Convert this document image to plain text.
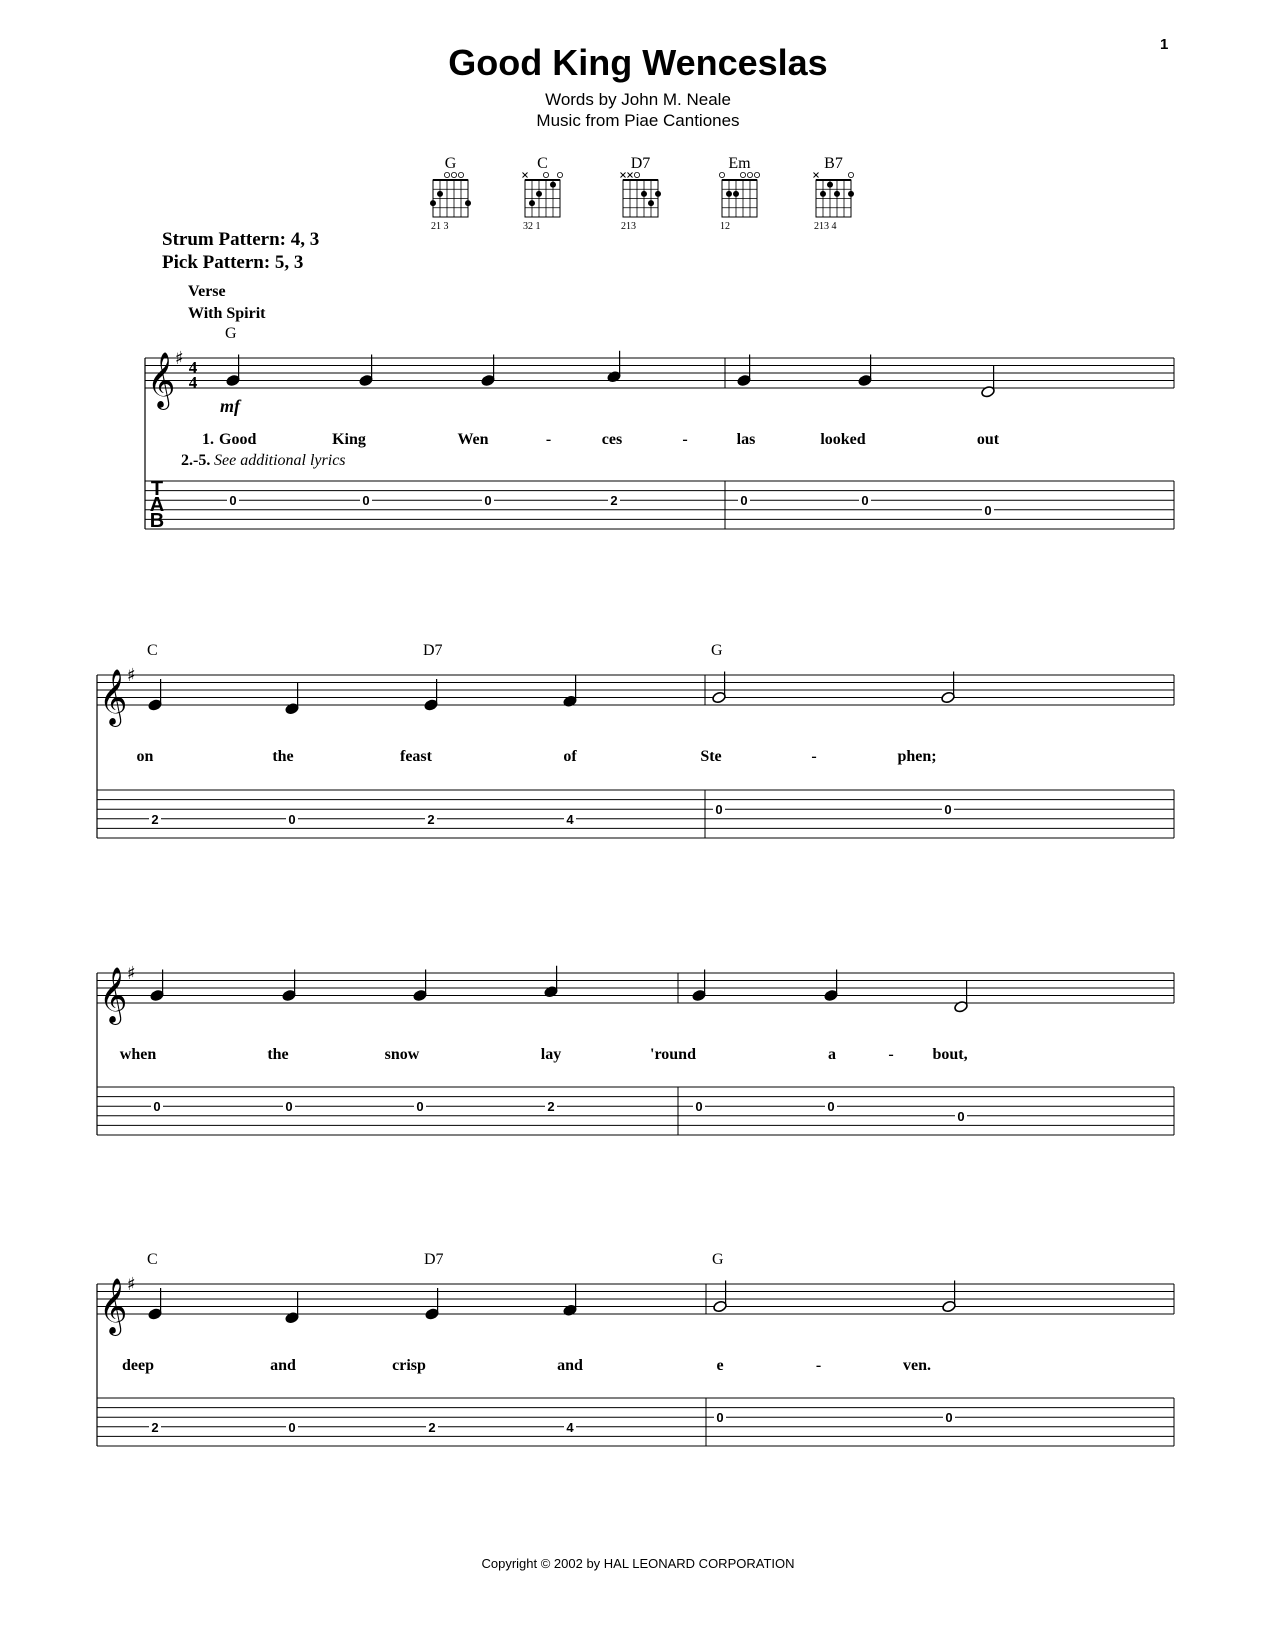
1
Good King Wenceslas
Words by John M. Neale
Music from Piae Cantiones
Strum Pattern: 4, 3
Pick Pattern: 5, 3
Verse
With Spirit
G
21 3
C
32 1
D7
213
Em
12
B7
213 4
𝄞 ♯ 4
4
T
A
B
mf
G
1. Good
0
King
0
Wen
0
ces
2
las
0
looked
0
out
0
-	-
2.-5. See additional lyrics
𝄞 ♯
C	D7	G
on
2
the
0
feast
2
of
4
Ste
0
phen;
0
-
𝄞 ♯
when
0
the
0
snow
0
lay
2
'round
0
a
0
bout,
0
-
𝄞 ♯
C	D7	G
deep
2
and
0
crisp
2
and
4
e
0
ven.
0
-
Copyright © 2002 by HAL LEONARD CORPORATION
